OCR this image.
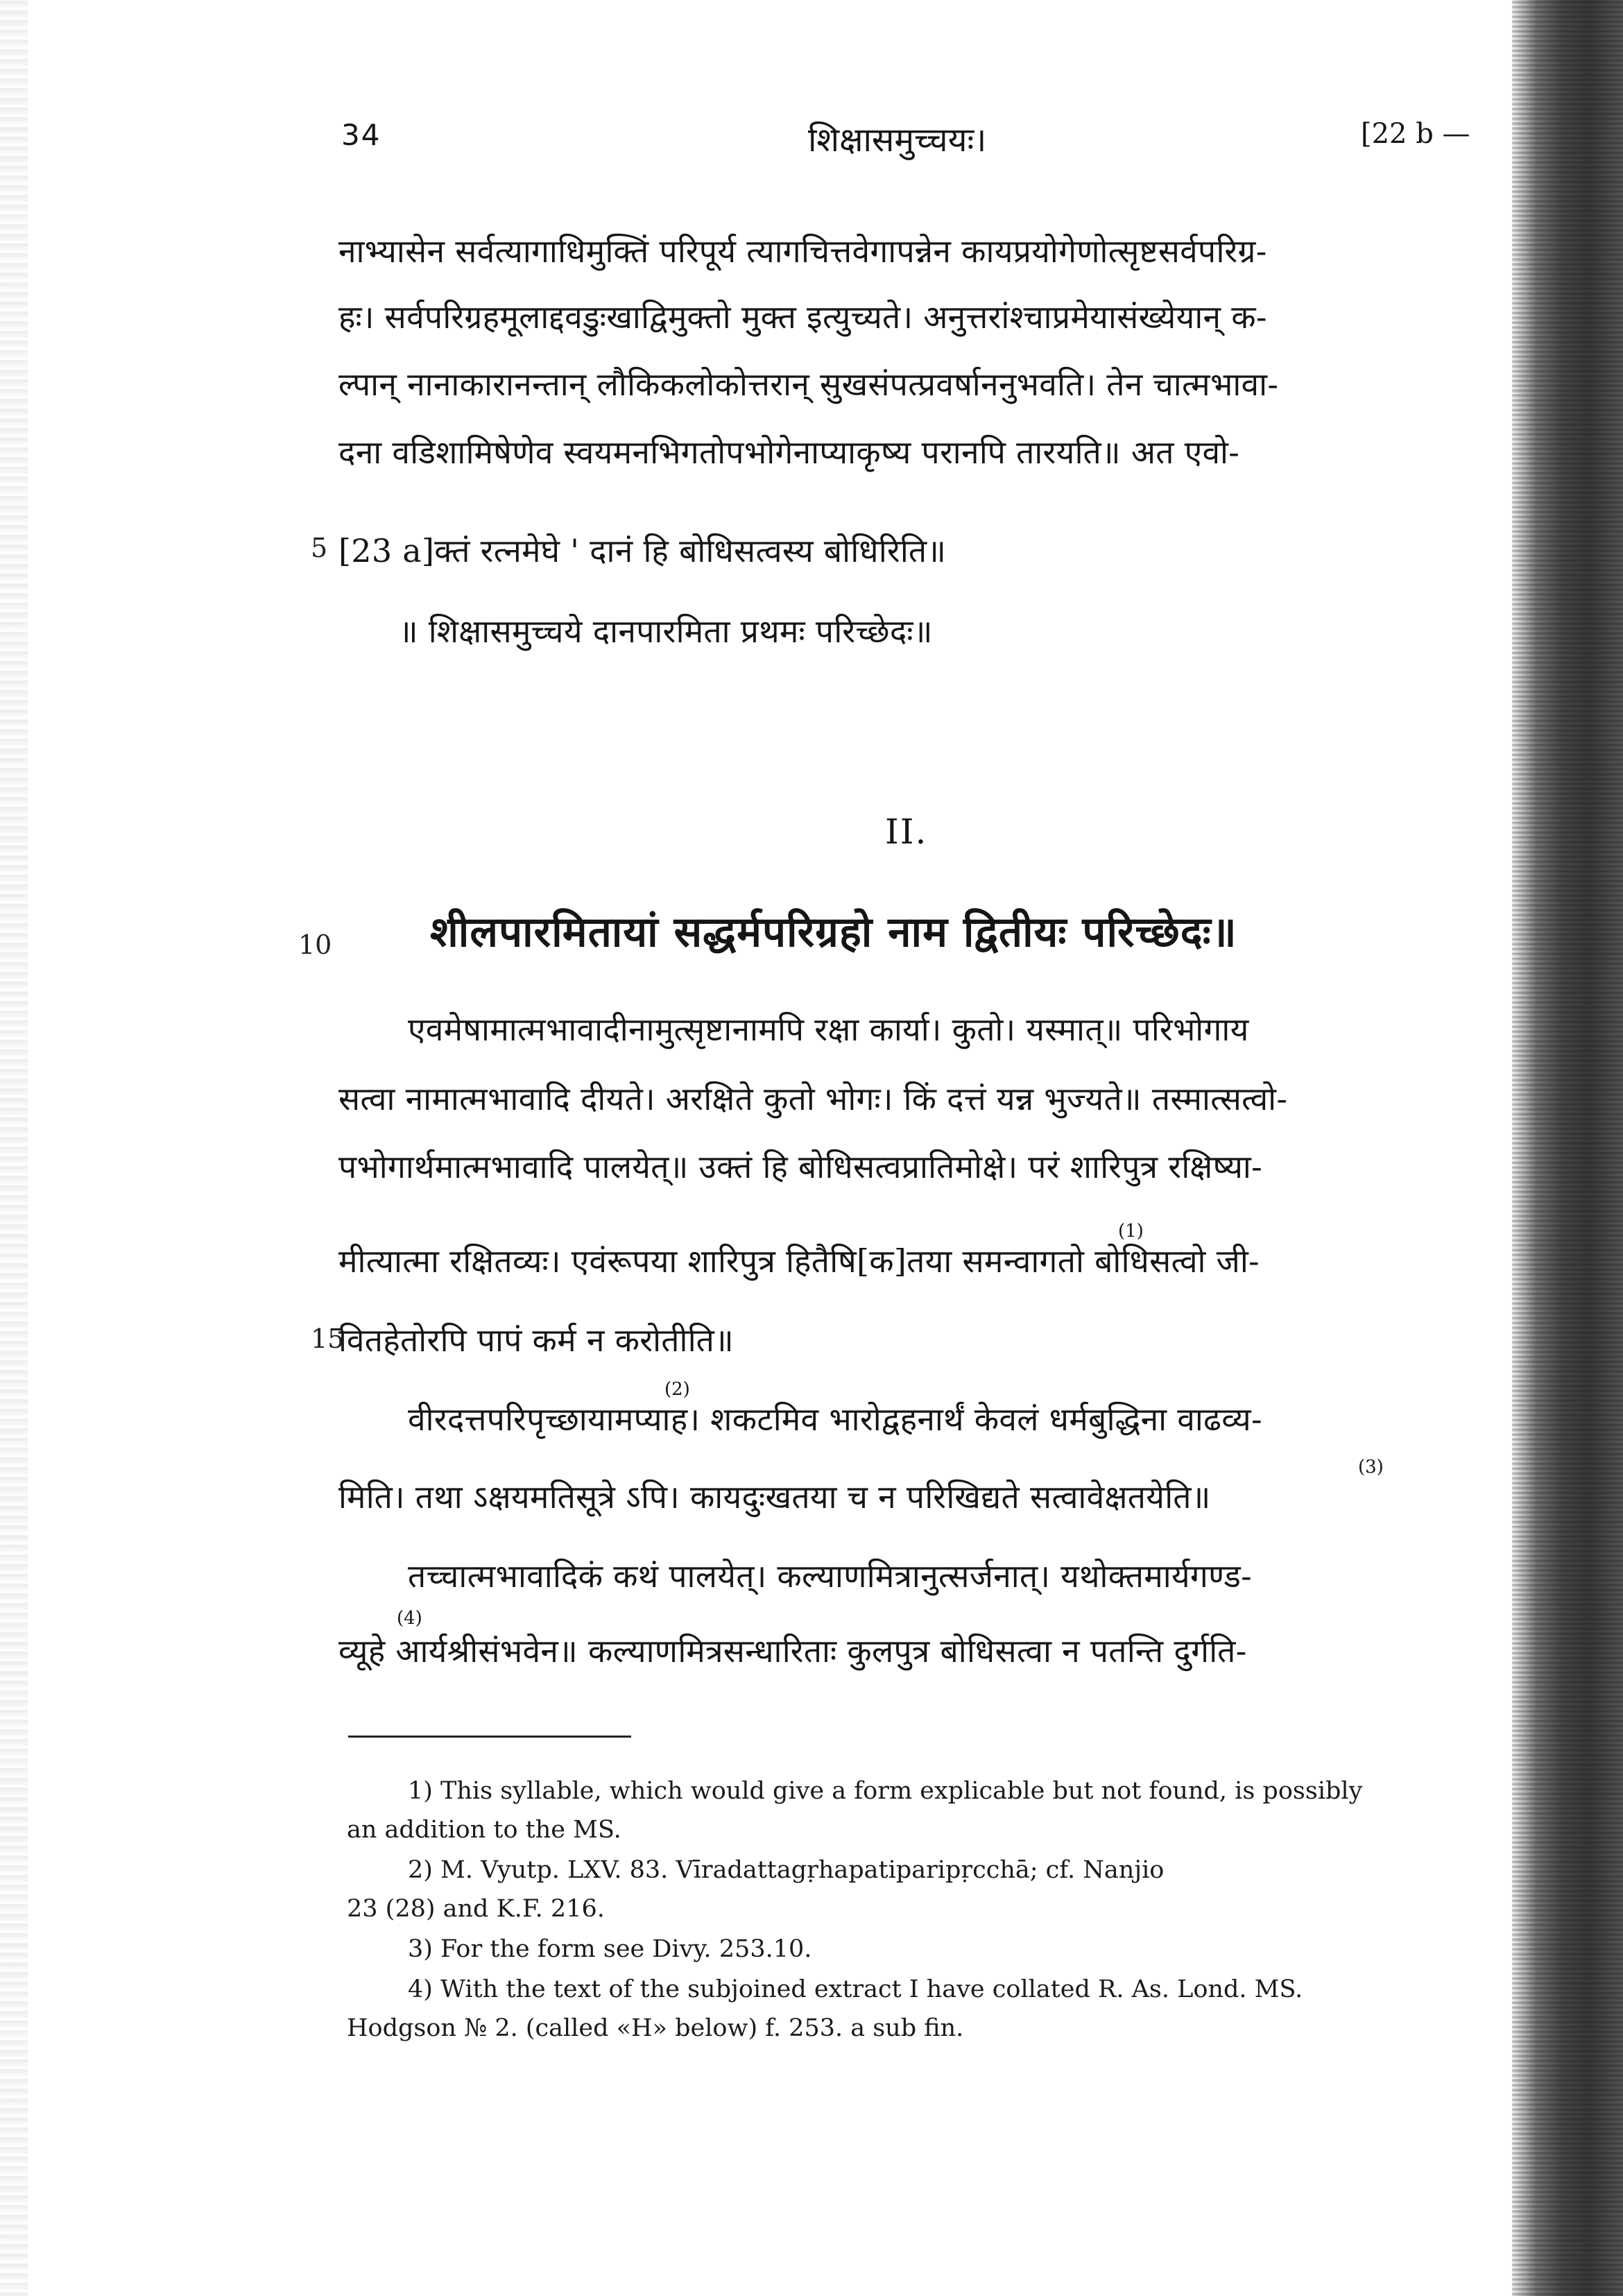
34	शिक्षासमुच्चयः।	[22 b —
नाभ्यासेन सर्वत्यागाधिमुक्तिं परिपूर्य त्यागचित्तवेगापन्नेन कायप्रयोगेणोत्सृष्टसर्वपरिग्र-
हः। सर्वपरिग्रहमूलाद्दवडुःखाद्विमुक्तो मुक्त इत्युच्यते। अनुत्तरांश्चाप्रमेयासंख्येयान् क-
ल्पान् नानाकारानन्तान् लौकिकलोकोत्तरान् सुखसंपत्प्रवर्षाननुभवति। तेन चात्मभावा-
दना वडिशामिषेणेव स्वयमनभिगतोपभोगेनाप्याकृष्य परानपि तारयति॥ अत एवो-
5 [23 a]क्तं रत्नमेघे ' दानं हि बोधिसत्वस्य बोधिरिति॥
॥ शिक्षासमुच्चये दानपारमिता प्रथमः परिच्छेदः॥
II.
10 शीलपारमितायां सद्धर्मपरिग्रहो नाम द्वितीयः परिच्छेदः॥
एवमेषामात्मभावादीनामुत्सृष्टानामपि रक्षा कार्या। कुतो। यस्मात्॥ परिभोगाय
सत्वा नामात्मभावादि दीयते। अरक्षिते कुतो भोगः। किं दत्तं यन्न भुज्यते॥ तस्मात्सत्वो-
पभोगार्थमात्मभावादि पालयेत्॥ उक्तं हि बोधिसत्वप्रातिमोक्षे। परं शारिपुत्र रक्षिष्या-
(1)
मीत्यात्मा रक्षितव्यः। एवंरूपया शारिपुत्र हितैषि[क]तया समन्वागतो बोधिसत्वो जी-
15
वितहेतोरपि पापं कर्म न करोतीति॥
(2)
वीरदत्तपरिपृच्छायामप्याह। शकटमिव भारोद्वहनार्थं केवलं धर्मबुद्धिना वाढव्य-
(3)
मिति। तथा ऽक्षयमतिसूत्रे ऽपि। कायदुःखतया च न परिखिद्यते सत्वावेक्षतयेति॥
तच्चात्मभावादिकं कथं पालयेत्। कल्याणमित्रानुत्सर्जनात्। यथोक्तमार्यगण्ड-
(4)
व्यूहे आर्यश्रीसंभवेन॥ कल्याणमित्रसन्धारिताः कुलपुत्र बोधिसत्वा न पतन्ति दुर्गति-
1) This syllable, which would give a form explicable but not found, is possibly
an addition to the MS.
2) M. Vyutp. LXV. 83. Vīradattagṛhapatiparipṛcchā; cf. Nanjio
23 (28) and K.F. 216.
3) For the form see Divy. 253.10.
4) With the text of the subjoined extract I have collated R. As. Lond. MS.
Hodgson № 2. (called «H» below) f. 253. a sub fin.
